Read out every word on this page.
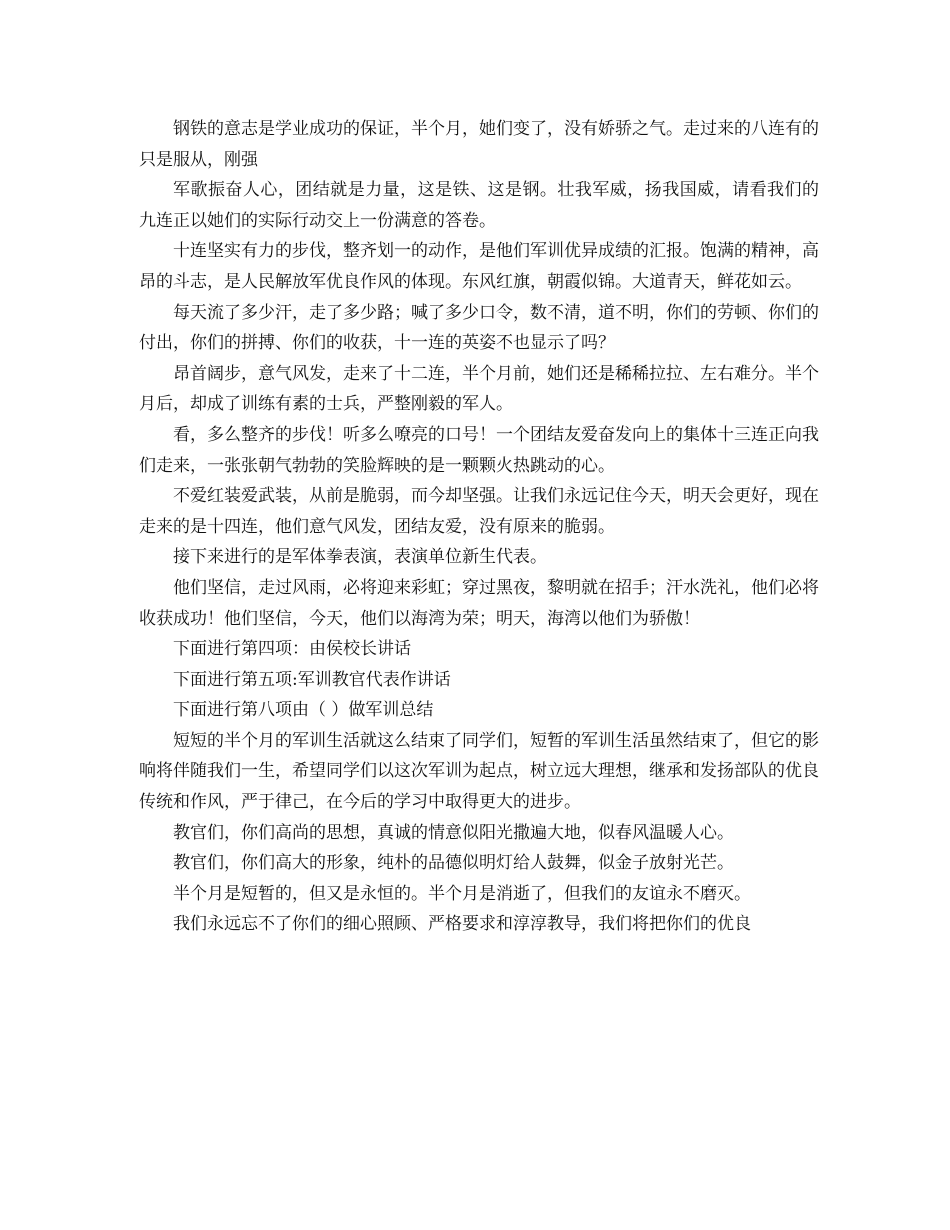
钢铁的意志是学业成功的保证，半个月，她们变了，没有娇骄之气。走过来的八连有的只是服从，刚强

军歌振奋人心，团结就是力量，这是铁、这是钢。壮我军威，扬我国威，请看我们的 九连正以她们的实际行动交上一份满意的答卷。

十连坚实有力的步伐，整齐划一的动作，是他们军训优异成绩的汇报。饱满的精神，高昂的斗志，是人民解放军优良作风的体现。东风红旗，朝霞似锦。大道青天，鲜花如云。

每天流了多少汗，走了多少路；喊了多少口令，数不清，道不明，你们的劳顿、你们的付出，你们的拼搏、你们的收获，十一连的英姿不也显示了吗？

昂首阔步，意气风发，走来了十二连，半个月前，她们还是稀稀拉拉、左右难分。半个月后，却成了训练有素的士兵，严整刚毅的军人。

看，多么整齐的步伐！听多么嘹亮的口号！一个团结友爱奋发向上的集体十三连正向我们走来，一张张朝气勃勃的笑脸辉映的是一颗颗火热跳动的心。

不爱红装爱武装，从前是脆弱，而今却坚强。让我们永远记住今天，明天会更好，现在走来的是十四连，他们意气风发，团结友爱，没有原来的脆弱。

接下来进行的是军体拳表演，表演单位新生代表。

他们坚信，走过风雨，必将迎来彩虹；穿过黑夜，黎明就在招手；汗水洗礼，他们必将收获成功！他们坚信，今天，他们以海湾为荣；明天，海湾以他们为骄傲！

下面进行第四项：由侯校长讲话

下面进行第五项:军训教官代表作讲话

下面进行第八项由（ ）做军训总结

短短的半个月的军训生活就这么结束了同学们，短暂的军训生活虽然结束了，但它的影响将伴随我们一生，希望同学们以这次军训为起点，树立远大理想，继承和发扬部队的优良传统和作风，严于律己，在今后的学习中取得更大的进步。

教官们，你们高尚的思想，真诚的情意似阳光撒遍大地，似春风温暖人心。

教官们，你们高大的形象，纯朴的品德似明灯给人鼓舞，似金子放射光芒。

半个月是短暂的，但又是永恒的。半个月是消逝了，但我们的友谊永不磨灭。

我们永远忘不了你们的细心照顾、严格要求和淳淳教导，我们将把你们的优良
